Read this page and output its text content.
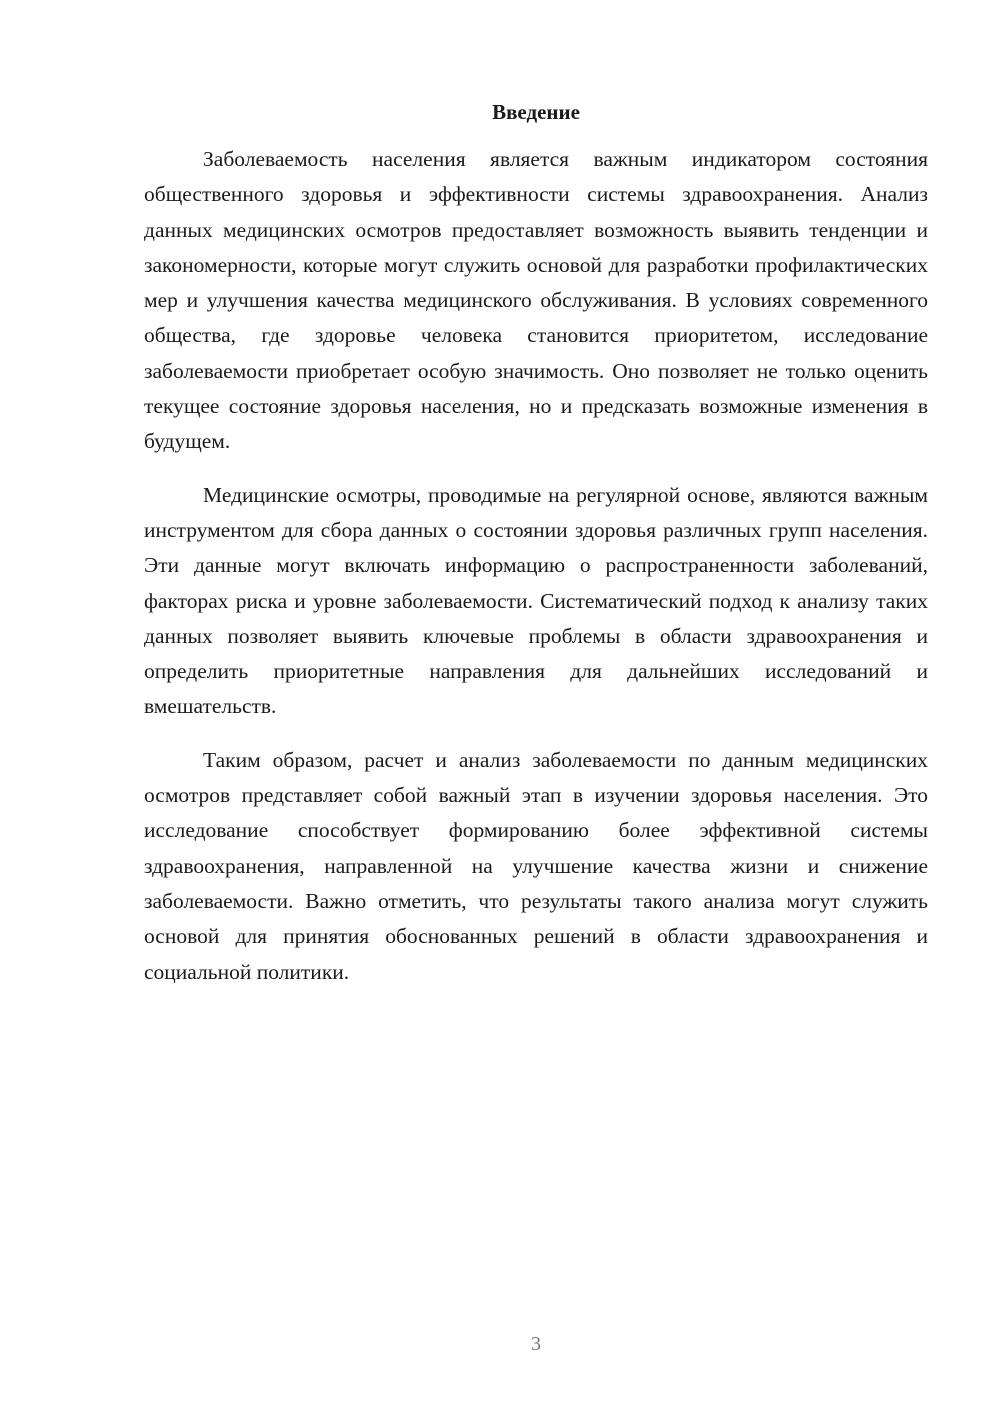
Введение

Заболеваемость населения является важным индикатором состояния общественного здоровья и эффективности системы здравоохранения. Анализ данных медицинских осмотров предоставляет возможность выявить тенденции и закономерности, которые могут служить основой для разработки профилактических мер и улучшения качества медицинского обслуживания. В условиях современного общества, где здоровье человека становится приоритетом, исследование заболеваемости приобретает особую значимость. Оно позволяет не только оценить текущее состояние здоровья населения, но и предсказать возможные изменения в будущем.

Медицинские осмотры, проводимые на регулярной основе, являются важным инструментом для сбора данных о состоянии здоровья различных групп населения. Эти данные могут включать информацию о распространенности заболеваний, факторах риска и уровне заболеваемости. Систематический подход к анализу таких данных позволяет выявить ключевые проблемы в области здравоохранения и определить приоритетные направления для дальнейших исследований и вмешательств.

Таким образом, расчет и анализ заболеваемости по данным медицинских осмотров представляет собой важный этап в изучении здоровья населения. Это исследование способствует формированию более эффективной системы здравоохранения, направленной на улучшение качества жизни и снижение заболеваемости. Важно отметить, что результаты такого анализа могут служить основой для принятия обоснованных решений в области здравоохранения и социальной политики.

3
